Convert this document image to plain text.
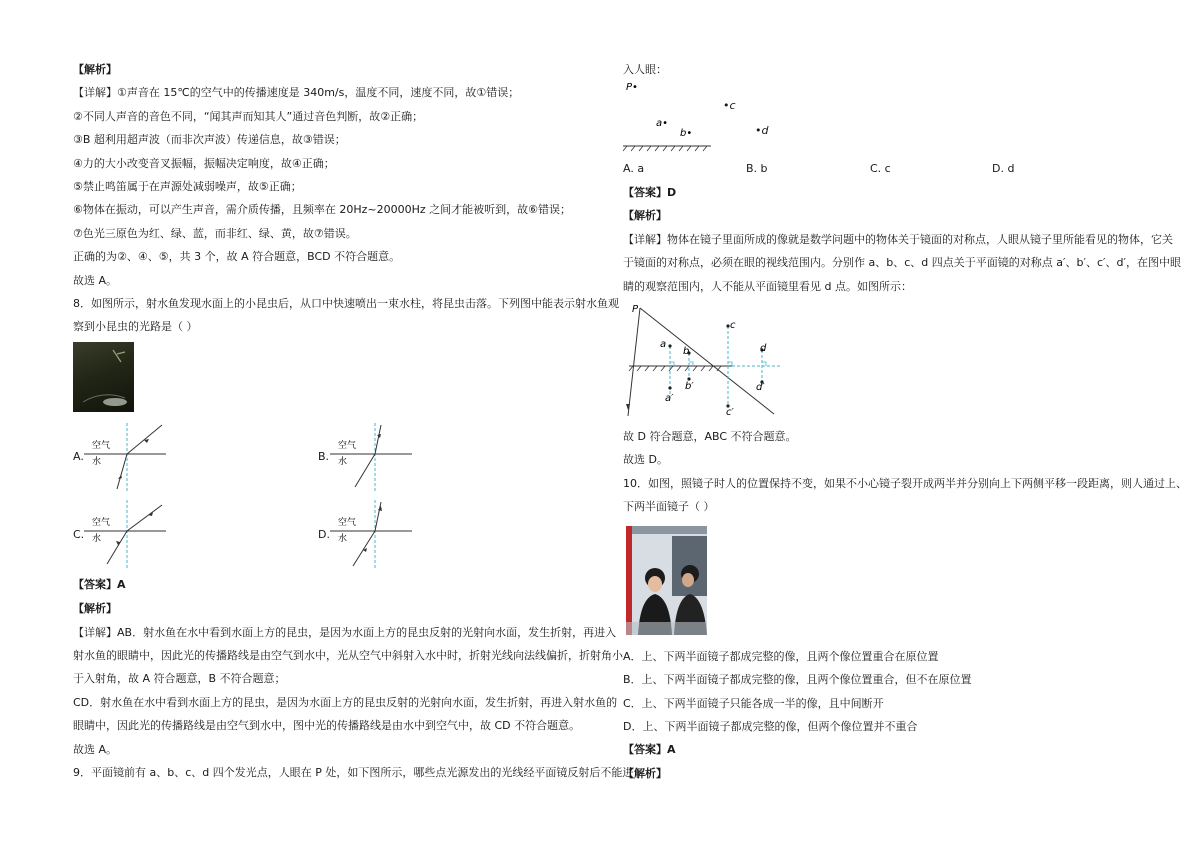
【解析】
【详解】①声音在 15℃的空气中的传播速度是 340m/s，温度不同，速度不同，故①错误；
②不同人声音的音色不同，“闻其声而知其人”通过音色判断，故②正确；
③B 超利用超声波（而非次声波）传递信息，故③错误；
④力的大小改变音叉振幅，振幅决定响度，故④正确；
⑤禁止鸣笛属于在声源处减弱噪声，故⑤正确；
⑥物体在振动，可以产生声音，需介质传播，且频率在 20Hz~20000Hz 之间才能被听到，故⑥错误；
⑦色光三原色为红、绿、蓝，而非红、绿、黄，故⑦错误。
正确的为②、④、⑤，共 3 个，故 A 符合题意，BCD 不符合题意。
故选 A。
8．如图所示，射水鱼发现水面上的小昆虫后，从口中快速喷出一束水柱，将昆虫击落。下列图中能表示射水鱼观
察到小昆虫的光路是（ ）
A.
空气
水	B.
空气
水
C.
空气
水	D.
空气
水
【答案】A
【解析】
【详解】AB．射水鱼在水中看到水面上方的昆虫，是因为水面上方的昆虫反射的光射向水面，发生折射，再进入
射水鱼的眼睛中，因此光的传播路线是由空气到水中，光从空气中斜射入水中时，折射光线向法线偏折，折射角小
于入射角，故 A 符合题意，B 不符合题意；
CD．射水鱼在水中看到水面上方的昆虫，是因为水面上方的昆虫反射的光射向水面，发生折射，再进入射水鱼的
眼睛中，因此光的传播路线是由空气到水中，图中光的传播路线是由水中到空气中，故 CD 不符合题意。
故选 A。
9．平面镜前有 a、b、c、d 四个发光点，人眼在 P 处，如下图所示，哪些点光源发出的光线经平面镜反射后不能进
入人眼：
P•
a•
b•
•c
•d
A. a	B. b	C. c	D. d
【答案】D
【解析】
【详解】物体在镜子里面所成的像就是数学问题中的物体关于镜面的对称点，人眼从镜子里所能看见的物体，它关
于镜面的对称点，必须在眼的视线范围内。分别作 a、b、c、d 四点关于平面镜的对称点 a′、b′、c′、d′，在图中眼
睛的观察范围内，人不能从平面镜里看见 d 点。如图所示：
P
a
b
c
d
a′
b′
c′
d′
故 D 符合题意，ABC 不符合题意。
故选 D。
10．如图，照镜子时人的位置保持不变，如果不小心镜子裂开成两半并分别向上下两侧平移一段距离，则人通过上、
下两半面镜子（ ）
A．上、下两半面镜子都成完整的像，且两个像位置重合在原位置
B．上、下两半面镜子都成完整的像，且两个像位置重合，但不在原位置
C．上、下两半面镜子只能各成一半的像，且中间断开
D．上、下两半面镜子都成完整的像，但两个像位置并不重合
【答案】A
【解析】
